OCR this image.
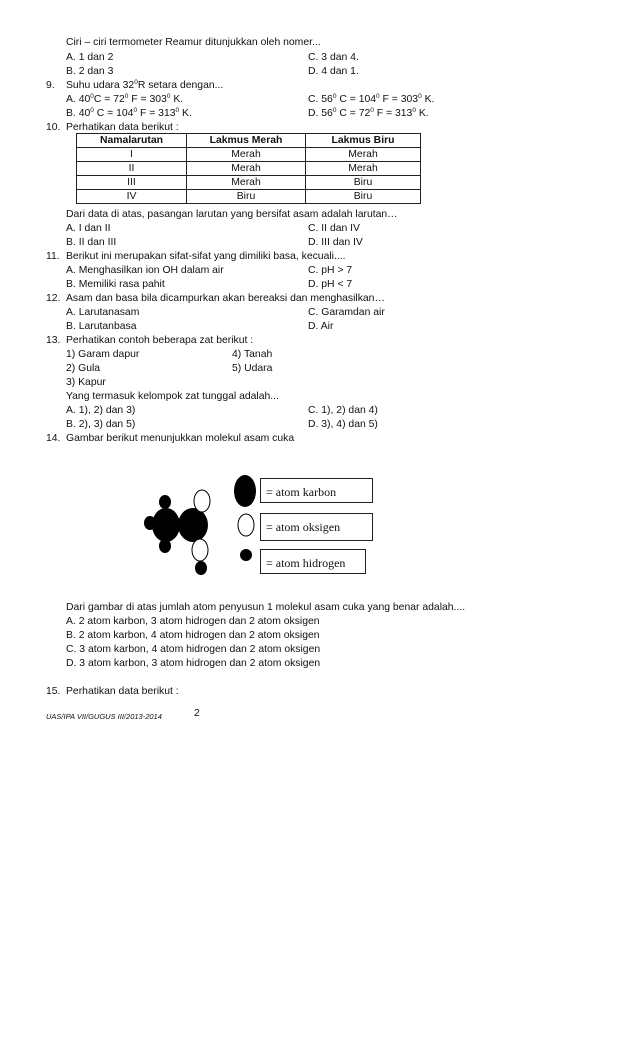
Ciri – ciri termometer Reamur ditunjukkan oleh nomer...
A. 1 dan 2	C. 3 dan 4.
B. 2 dan 3	D. 4 dan 1.
9. Suhu udara $32^0R$ setara dengan...
A. $40^0C = 72^0$ $F = 303^0$ K.	C. $56^0$ $C = 104^0$ $F = 303^0$ K.
B. $40^0$ $C = 104^0$ $F = 313^0$ K.	D. $56^0$ $C = 72^0$ $F = 313^0$ K.
10. Perhatikan data berikut :
Namalarutan	Lakmus Merah	Lakmus Biru
I	Merah	Merah
II	Merah	Merah
III	Merah	Biru
IV	Biru	Biru
Dari data di atas, pasangan larutan yang bersifat asam adalah larutan…
A. I dan II	C. II dan IV
B. II dan III	D. III dan IV
11. Berikut ini merupakan sifat-sifat yang dimiliki basa, kecuali....
A. Menghasilkan ion OH dalam air	C. pH > 7
B. Memiliki rasa pahit	D. pH < 7
12. Asam dan basa bila dicampurkan akan bereaksi dan menghasilkan…
A. Larutanasam	C. Garamdan air
B. Larutanbasa	D. Air
13. Perhatikan contoh beberapa zat berikut :
1) Garam dapur	4) Tanah
2) Gula	5) Udara
3) Kapur
Yang termasuk kelompok zat tunggal adalah...
A. 1), 2) dan 3)	C. 1), 2) dan 4)
B. 2), 3) dan 5)	D. 3), 4) dan 5)
14. Gambar berikut menunjukkan molekul asam cuka
= atom karbon
= atom oksigen
= atom hidrogen
Dari gambar di atas jumlah atom penyusun 1 molekul asam cuka yang benar adalah....
A. 2 atom karbon, 3 atom hidrogen dan 2 atom oksigen
B. 2 atom karbon, 4 atom hidrogen dan 2 atom oksigen
C. 3 atom karbon, 4 atom hidrogen dan 2 atom oksigen
D. 3 atom karbon, 3 atom hidrogen dan 2 atom oksigen
15. Perhatikan data berikut :
UAS/IPA VII/GUGUS III/2013-2014	2
